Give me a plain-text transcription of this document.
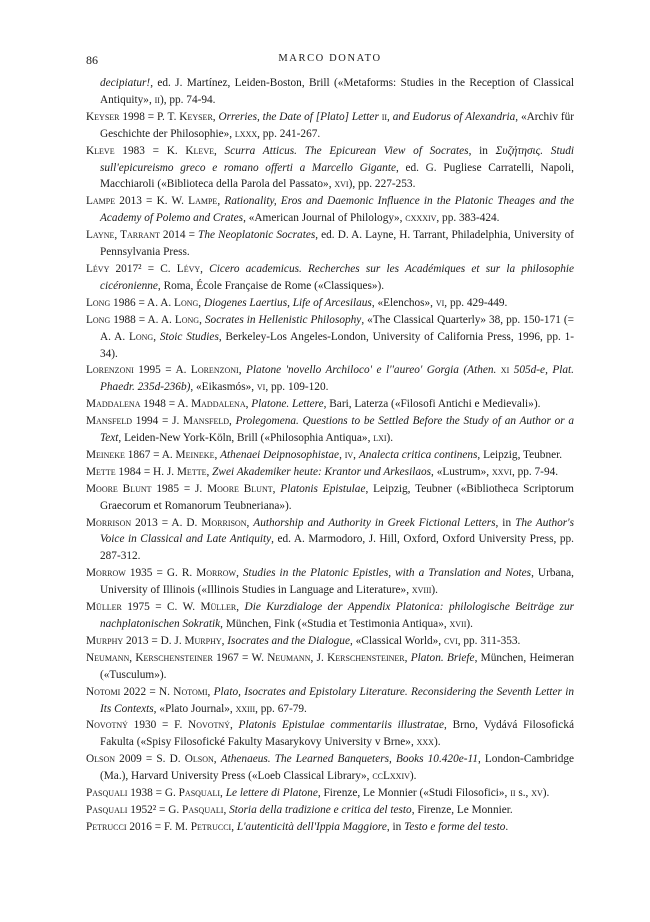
86	MARCO DONATO

decipiatur!, ed. J. Martínez, Leiden-Boston, Brill («Metaforms: Studies in the Reception of Classical Antiquity», ii), pp. 74-94.

Keyser 1998 = P. T. Keyser, Orreries, the Date of [Plato] Letter ii, and Eudorus of Alexandria, «Archiv für Geschichte der Philosophie», lxxx, pp. 241-267.

Kleve 1983 = K. Kleve, Scurra Atticus. The Epicurean View of Socrates, in Συζήτησις. Studi sull'epicureismo greco e romano offerti a Marcello Gigante, ed. G. Pugliese Carratelli, Napoli, Macchiaroli («Biblioteca della Parola del Passato», xvi), pp. 227-253.

Lampe 2013 = K. W. Lampe, Rationality, Eros and Daemonic Influence in the Platonic Theages and the Academy of Polemo and Crates, «American Journal of Philology», cxxxiv, pp. 383-424.

Layne, Tarrant 2014 = The Neoplatonic Socrates, ed. D. A. Layne, H. Tarrant, Philadelphia, University of Pennsylvania Press.

Lévy 2017² = C. Lévy, Cicero academicus. Recherches sur les Académiques et sur la philosophie cicéronienne, Roma, École Française de Rome («Classiques»).

Long 1986 = A. A. Long, Diogenes Laertius, Life of Arcesilaus, «Elenchos», vi, pp. 429-449.

Long 1988 = A. A. Long, Socrates in Hellenistic Philosophy, «The Classical Quarterly» 38, pp. 150-171 (= A. A. Long, Stoic Studies, Berkeley-Los Angeles-London, University of California Press, 1996, pp. 1-34).

Lorenzoni 1995 = A. Lorenzoni, Platone 'novello Archiloco' e l''aureo' Gorgia (Athen. xi 505d-e, Plat. Phaedr. 235d-236b), «Eikasmós», vi, pp. 109-120.

Maddalena 1948 = A. Maddalena, Platone. Lettere, Bari, Laterza («Filosofi Antichi e Medievali»).

Mansfeld 1994 = J. Mansfeld, Prolegomena. Questions to be Settled Before the Study of an Author or a Text, Leiden-New York-Köln, Brill («Philosophia Antiqua», lxi).

Meineke 1867 = A. Meineke, Athenaei Deipnosophistae, iv, Analecta critica continens, Leipzig, Teubner.

Mette 1984 = H. J. Mette, Zwei Akademiker heute: Krantor und Arkesilaos, «Lustrum», xxvi, pp. 7-94.

Moore Blunt 1985 = J. Moore Blunt, Platonis Epistulae, Leipzig, Teubner («Bibliotheca Scriptorum Graecorum et Romanorum Teubneriana»).

Morrison 2013 = A. D. Morrison, Authorship and Authority in Greek Fictional Letters, in The Author's Voice in Classical and Late Antiquity, ed. A. Marmodoro, J. Hill, Oxford, Oxford University Press, pp. 287-312.

Morrow 1935 = G. R. Morrow, Studies in the Platonic Epistles, with a Translation and Notes, Urbana, University of Illinois («Illinois Studies in Language and Literature», xviii).

Müller 1975 = C. W. Müller, Die Kurzdialoge der Appendix Platonica: philologische Beiträge zur nachplatonischen Sokratik, München, Fink («Studia et Testimonia Antiqua», xvii).

Murphy 2013 = D. J. Murphy, Isocrates and the Dialogue, «Classical World», cvi, pp. 311-353.

Neumann, Kerschensteiner 1967 = W. Neumann, J. Kerschensteiner, Platon. Briefe, München, Heimeran («Tusculum»).

Notomi 2022 = N. Notomi, Plato, Isocrates and Epistolary Literature. Reconsidering the Seventh Letter in Its Contexts, «Plato Journal», xxiii, pp. 67-79.

Novotný 1930 = F. Novotný, Platonis Epistulae commentariis illustratae, Brno, Vydává Filosofická Fakulta («Spisy Filosofické Fakulty Masarykovy University v Brne», xxx).

Olson 2009 = S. D. Olson, Athenaeus. The Learned Banqueters, Books 10.420e-11, London-Cambridge (Ma.), Harvard University Press («Loeb Classical Library», ccLxxiv).

Pasquali 1938 = G. Pasquali, Le lettere di Platone, Firenze, Le Monnier («Studi Filosofici», ii s., xv).

Pasquali 1952² = G. Pasquali, Storia della tradizione e critica del testo, Firenze, Le Monnier.

Petrucci 2016 = F. M. Petrucci, L'autenticità dell'Ippia Maggiore, in Testo e forme del testo.
